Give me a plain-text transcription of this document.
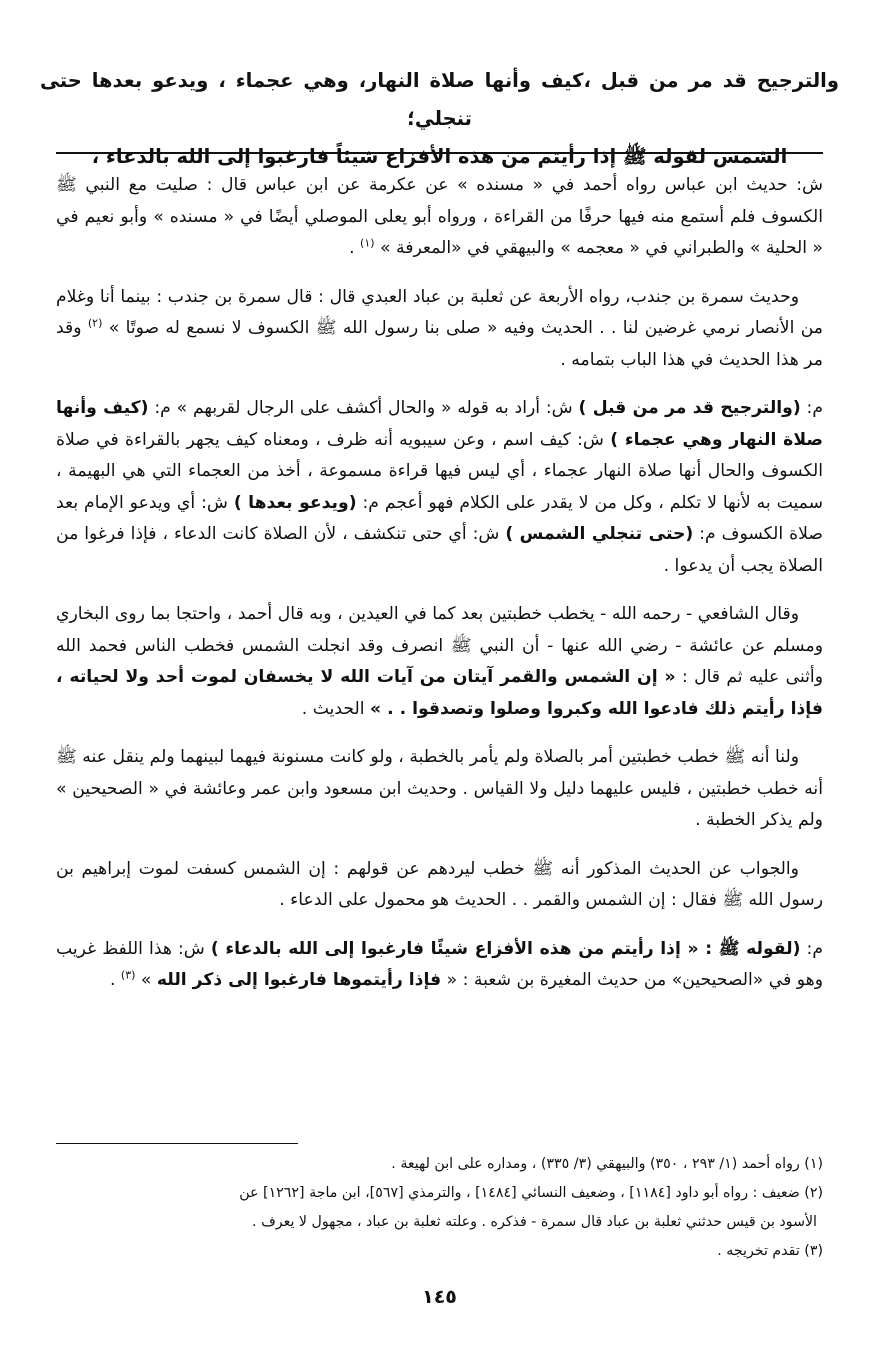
والترجيح قد مر من قبل ،كيف وأنها صلاة النهار، وهي عجماء ، ويدعو بعدها حتى تنجلي؛
الشمس لقوله ﷺ إذا رأيتم من هذه الأفزاع شيئاً فارغبوا إلى الله بالدعاء ،

ش: حديث ابن عباس رواه أحمد في « مسنده » عن عكرمة عن ابن عباس قال : صليت مع النبي ﷺ الكسوف فلم أستمع منه فيها حرفًا من القراءة ، ورواه أبو يعلى الموصلي أيضًا في « مسنده » وأبو نعيم في « الحلية » والطبراني في « معجمه » والبيهقي في «المعرفة » $^{(١)}$ .

وحديث سمرة بن جندب، رواه الأربعة عن ثعلبة بن عباد العبدي قال : قال سمرة بن جندب : بينما أنا وغلام من الأنصار نرمي غرضين لنا . . الحديث وفيه « صلى بنا رسول الله ﷺ الكسوف لا نسمع له صوتًا » $^{(٢)}$ وقد مر هذا الحديث في هذا الباب بتمامه .

م: (والترجيح قد مر من قبل ) ش: أراد به قوله « والحال أكشف على الرجال لقربهم » م: (كيف وأنها صلاة النهار وهي عجماء ) ش: كيف اسم ، وعن سيبويه أنه ظرف ، ومعناه كيف يجهر بالقراءة في صلاة الكسوف والحال أنها صلاة النهار عجماء ، أي ليس فيها قراءة مسموعة ، أخذ من العجماء التي هي البهيمة ، سميت به لأنها لا تكلم ، وكل من لا يقدر على الكلام فهو أعجم م: (ويدعو بعدها ) ش: أي ويدعو الإمام بعد صلاة الكسوف م: (حتى تنجلي الشمس ) ش: أي حتى تنكشف ، لأن الصلاة كانت الدعاء ، فإذا فرغوا من الصلاة يجب أن يدعوا .

وقال الشافعي - رحمه الله - يخطب خطبتين بعد كما في العيدين ، وبه قال أحمد ، واحتجا بما روى البخاري ومسلم عن عائشة - رضي الله عنها - أن النبي ﷺ انصرف وقد انجلت الشمس فخطب الناس فحمد الله وأثنى عليه ثم قال : « إن الشمس والقمر آيتان من آيات الله لا يخسفان لموت أحد ولا لحياته ، فإذا رأيتم ذلك فادعوا الله وكبروا وصلوا وتصدقوا . . » الحديث .

ولنا أنه ﷺ خطب خطبتين أمر بالصلاة ولم يأمر بالخطبة ، ولو كانت مسنونة فيهما لبينهما ولم ينقل عنه ﷺ أنه خطب خطبتين ، فليس عليهما دليل ولا القياس . وحديث ابن مسعود وابن عمر وعائشة في « الصحيحين » ولم يذكر الخطبة .

والجواب عن الحديث المذكور أنه ﷺ خطب ليردهم عن قولهم : إن الشمس كسفت لموت إبراهيم بن رسول الله ﷺ فقال : إن الشمس والقمر . . الحديث هو محمول على الدعاء .

م: (لقوله ﷺ : « إذا رأيتم من هذه الأفزاع شيئًا فارغبوا إلى الله بالدعاء ) ش: هذا اللفظ غريب وهو في «الصحيحين» من حديث المغيرة بن شعبة : « فإذا رأيتموها فارغبوا إلى ذكر الله » $^{(٣)}$ .

(١) رواه أحمد (١/ ٢٩٣ ، ٣٥٠) والبيهقي (٣/ ٣٣٥) ، ومداره على ابن لهيعة .

(٢) ضعيف : رواه أبو داود [١١٨٤] ، وضعيف النسائي [١٤٨٤] ، والترمذي [٥٦٧]، ابن ماجة [١٢٦٢] عن

الأسود بن قيس حدثني ثعلبة بن عباد قال سمرة - فذكره . وعلته ثعلبة بن عباد ، مجهول لا يعرف .

(٣) تقدم تخريجه .

١٤٥
